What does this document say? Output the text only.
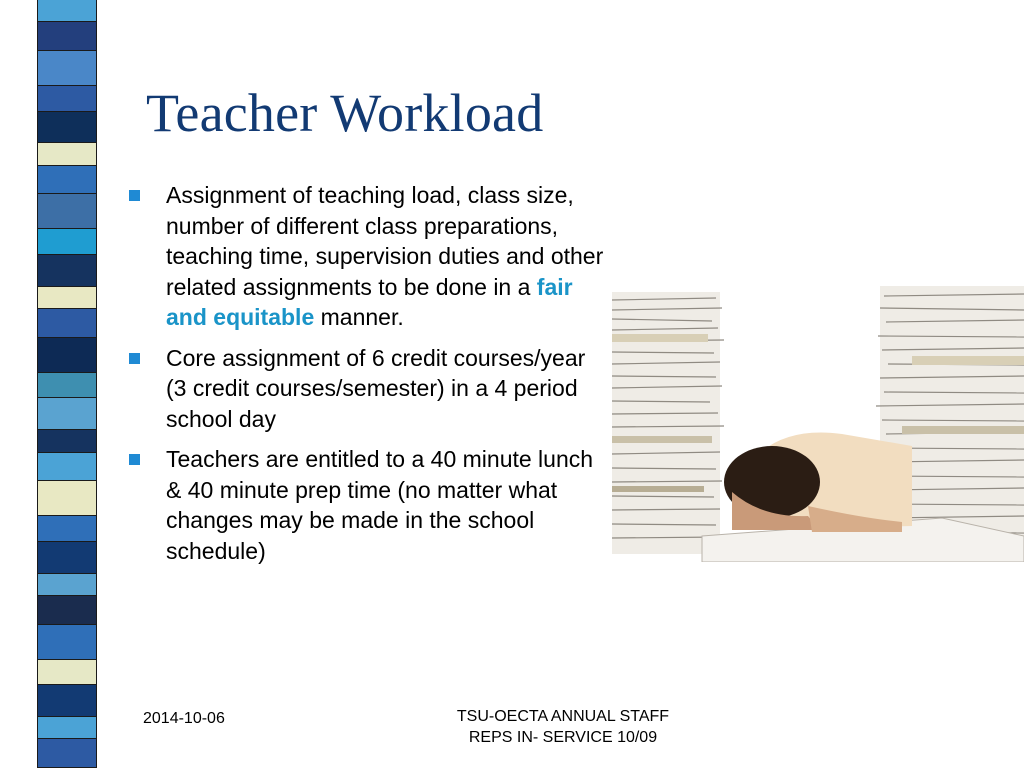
Teacher Workload
Assignment of teaching load, class size, number of different class preparations, teaching time, supervision duties and other related assignments to be done in a fair and equitable manner.
Core assignment of 6 credit courses/year (3 credit courses/semester) in a 4 period school day
Teachers are entitled to a 40 minute lunch & 40 minute prep time (no matter what changes may be made in the school schedule)
2014-10-06	TSU-OECTA ANNUAL STAFF
REPS IN- SERVICE 10/09
